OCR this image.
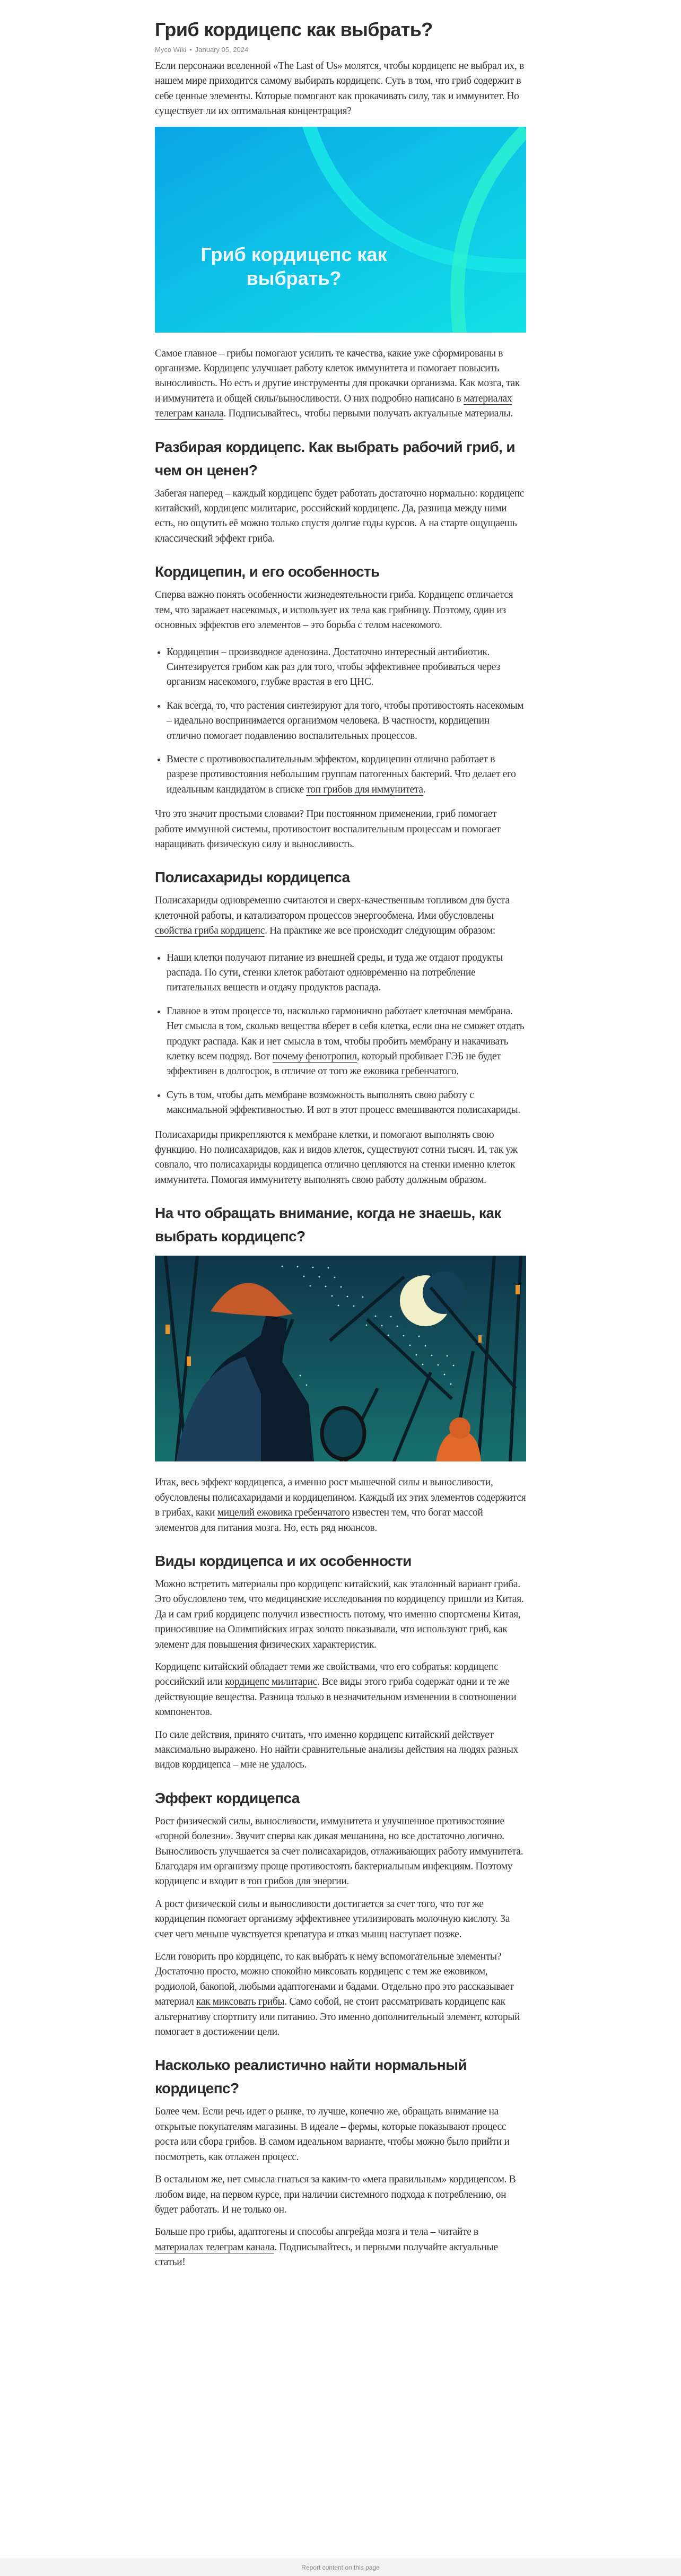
Гриб кордицепс как выбрать?
Myco Wiki • January 05, 2024

Если персонажи вселенной «The Last of Us» молятся, чтобы кордицепс не выбрал их, в нашем мире приходится самому выбирать кордицепс. Суть в том, что гриб содержит в себе ценные элементы. Которые помогают как прокачивать силу, так и иммунитет. Но существует ли их оптимальная концентрация?

Гриб кордицепс как
выбрать?

Самое главное – грибы помогают усилить те качества, какие уже сформированы в организме. Кордицепс улучшает работу клеток иммунитета и помогает повысить выносливость. Но есть и другие инструменты для прокачки организма. Как мозга, так и иммунитета и общей силы/выносливости. О них подробно написано в материалах телеграм канала. Подписывайтесь, чтобы первыми получать актуальные материалы.

Разбирая кордицепс. Как выбрать рабочий гриб, и чем он ценен?

Забегая наперед – каждый кордицепс будет работать достаточно нормально: кордицепс китайский, кордицепс милитарис, российский кордицепс. Да, разница между ними есть, но ощутить её можно только спустя долгие годы курсов. А на старте ощущаешь классический эффект гриба.

Кордицепин, и его особенность

Сперва важно понять особенности жизнедеятельности гриба. Кордицепс отличается тем, что заражает насекомых, и использует их тела как грибницу. Поэтому, один из основных эффектов его элементов – это борьба с телом насекомого.

• Кордицепин – производное аденозина. Достаточно интересный антибиотик. Синтезируется грибом как раз для того, чтобы эффективнее пробиваться через организм насекомого, глубже врастая в его ЦНС.
• Как всегда, то, что растения синтезируют для того, чтобы противостоять насекомым – идеально воспринимается организмом человека. В частности, кордицепин отлично помогает подавлению воспалительных процессов.
• Вместе с противовоспалительным эффектом, кордицепин отлично работает в разрезе противостояния небольшим группам патогенных бактерий. Что делает его идеальным кандидатом в списке топ грибов для иммунитета.

Что это значит простыми словами? При постоянном применении, гриб помогает работе иммунной системы, противостоит воспалительным процессам и помогает наращивать физическую силу и выносливость.

Полисахариды кордицепса

Полисахариды одновременно считаются и сверх-качественным топливом для буста клеточной работы, и катализатором процессов энергообмена. Ими обусловлены свойства гриба кордицепс. На практике же все происходит следующим образом:

• Наши клетки получают питание из внешней среды, и туда же отдают продукты распада. По сути, стенки клеток работают одновременно на потребление питательных веществ и отдачу продуктов распада.
• Главное в этом процессе то, насколько гармонично работает клеточная мембрана. Нет смысла в том, сколько вещества вберет в себя клетка, если она не сможет отдать продукт распада. Как и нет смысла в том, чтобы пробить мембрану и накачивать клетку всем подряд. Вот почему фенотропил, который пробивает ГЭБ не будет эффективен в долгосрок, в отличие от того же ежовика гребенчатого.
• Суть в том, чтобы дать мембране возможность выполнять свою работу с максимальной эффективностью. И вот в этот процесс вмешиваются полисахариды.

Полисахариды прикрепляются к мембране клетки, и помогают выполнять свою функцию. Но полисахаридов, как и видов клеток, существуют сотни тысяч. И, так уж совпало, что полисахариды кордицепса отлично цепляются на стенки именно клеток иммунитета. Помогая иммунитету выполнять свою работу должным образом.

На что обращать внимание, когда не знаешь, как выбрать кордицепс?

Итак, весь эффект кордицепса, а именно рост мышечной силы и выносливости, обусловлены полисахаридами и кордицепином. Каждый их этих элементов содержится в грибах, каки мицелий ежовика гребенчатого известен тем, что богат массой элементов для питания мозга. Но, есть ряд нюансов.

Виды кордицепса и их особенности

Можно встретить материалы про кордицепс китайский, как эталонный вариант гриба. Это обусловлено тем, что медицинские исследования по кордицепсу пришли из Китая. Да и сам гриб кордицепс получил известность потому, что именно спортсмены Китая, приносившие на Олимпийских играх золото показывали, что используют гриб, как элемент для повышения физических характеристик.

Кордицепс китайский обладает теми же свойствами, что его собратья: кордицепс российский или кордицепс милитарис. Все виды этого гриба содержат одни и те же действующие вещества. Разница только в незначительном изменении в соотношении компонентов.

По силе действия, принято считать, что именно кордицепс китайский действует максимально выражено. Но найти сравнительные анализы действия на людях разных видов кордицепса – мне не удалось.

Эффект кордицепса

Рост физической силы, выносливости, иммунитета и улучшенное противостояние «горной болезни». Звучит сперва как дикая мешанина, но все достаточно логично. Выносливость улучшается за счет полисахаридов, отлаживающих работу иммунитета. Благодаря им организму проще противостоять бактериальным инфекциям. Поэтому кордицепс и входит в топ грибов для энергии.

А рост физической силы и выносливости достигается за счет того, что тот же кордицепин помогает организму эффективнее утилизировать молочную кислоту. За счет чего меньше чувствуется крепатура и отказ мышц наступает позже.

Если говорить про кордицепс, то как выбрать к нему вспомогательные элементы? Достаточно просто, можно спокойно миксовать кордицепс с тем же ежовиком, родиолой, бакопой, любыми адаптогенами и бадами. Отдельно про это рассказывает материал как миксовать грибы. Само собой, не стоит рассматривать кордицепс как альтернативу спортпиту или питанию. Это именно дополнительный элемент, который помогает в достижении цели.

Насколько реалистично найти нормальный кордицепс?

Более чем. Если речь идет о рынке, то лучше, конечно же, обращать внимание на открытые покупателям магазины. В идеале – фермы, которые показывают процесс роста или сбора грибов. В самом идеальном варианте, чтобы можно было прийти и посмотреть, как отлажен процесс.

В остальном же, нет смысла гнаться за каким-то «мега правильным» кордицепсом. В любом виде, на первом курсе, при наличии системного подхода к потреблению, он будет работать. И не только он.

Больше про грибы, адаптогены и способы апгрейда мозга и тела – читайте в материалах телеграм канала. Подписывайтесь, и первыми получайте актуальные статьи!

Report content on this page
